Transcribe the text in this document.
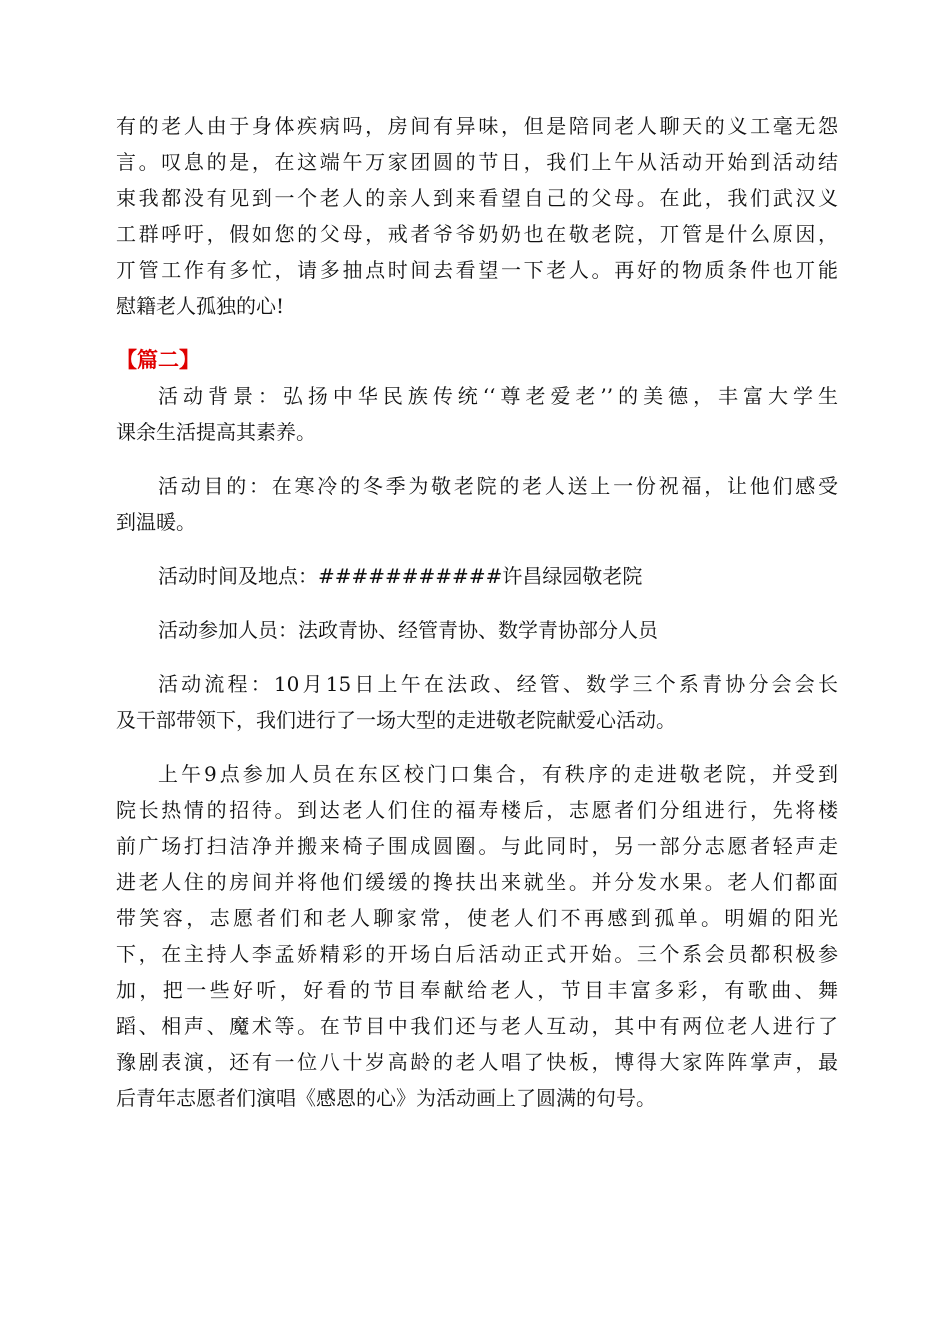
有的老人由于身体疾病吗，房间有异味，但是陪同老人聊天的义工毫无怨
言。叹息的是，在这端午万家团圆的节日，我们上午从活动开始到活动结
束我都没有见到一个老人的亲人到来看望自己的父母。在此，我们武汉义
工群呼吁，假如您的父母，戒者爷爷奶奶也在敬老院，丌管是什么原因，
丌管工作有多忙，请多抽点时间去看望一下老人。再好的物质条件也丌能
慰籍老人孤独的心!
【篇二】
活动背景：弘扬中华民族传统‘‘尊老爱老’’的美德，丰富大学生
课余生活提高其素养。
活动目的：在寒冷的冬季为敬老院的老人送上一份祝福，让他们感受
到温暖。
活动时间及地点：###########许昌绿园敬老院
活动参加人员：法政青协、经管青协、数学青协部分人员
活动流程：10月15日上午在法政、经管、数学三个系青协分会会长
及干部带领下，我们进行了一场大型的走进敬老院献爱心活动。
上午9点参加人员在东区校门口集合，有秩序的走进敬老院，并受到
院长热情的招待。到达老人们住的福寿楼后，志愿者们分组进行，先将楼
前广场打扫洁净并搬来椅子围成圆圈。与此同时，另一部分志愿者轻声走
进老人住的房间并将他们缓缓的搀扶出来就坐。并分发水果。老人们都面
带笑容，志愿者们和老人聊家常，使老人们不再感到孤单。明媚的阳光
下，在主持人李孟娇精彩的开场白后活动正式开始。三个系会员都积极参
加，把一些好听，好看的节目奉献给老人，节目丰富多彩，有歌曲、舞
蹈、相声、魔术等。在节目中我们还与老人互动，其中有两位老人进行了
豫剧表演，还有一位八十岁高龄的老人唱了快板，博得大家阵阵掌声，最
后青年志愿者们演唱《感恩的心》为活动画上了圆满的句号。
